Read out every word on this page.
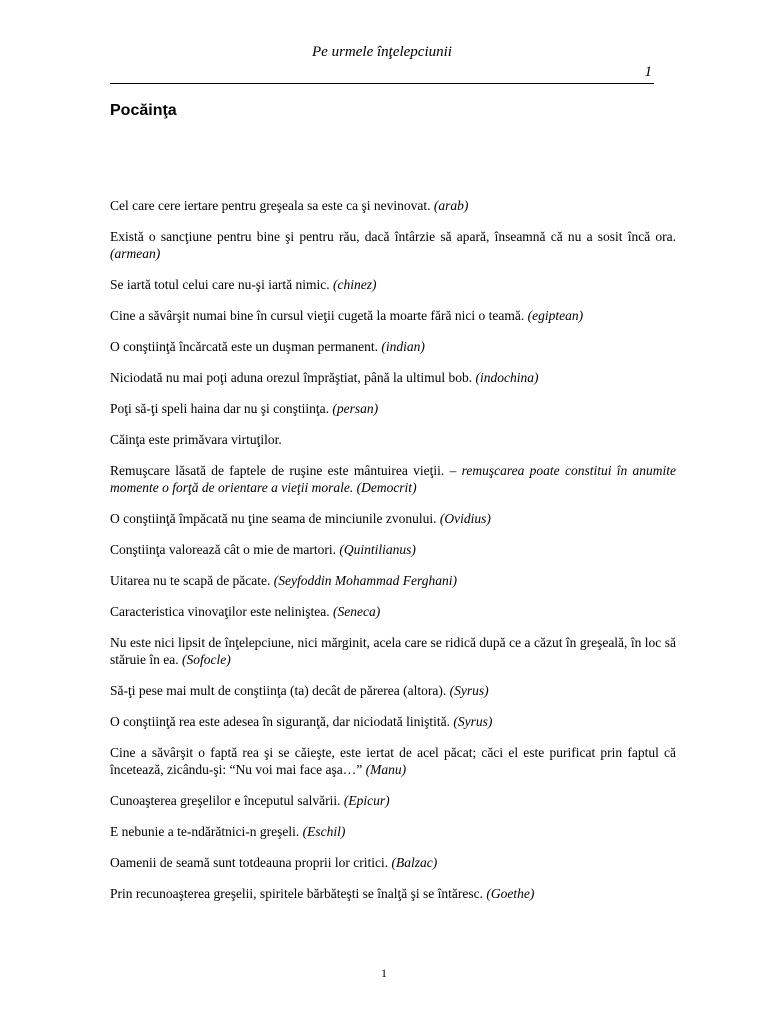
Pe urmele înţelepciunii
1
Pocăinţa
Cel care cere iertare pentru greşeala sa este ca şi nevinovat. (arab)
Există o sancţiune pentru bine şi pentru rău, dacă întârzie să apară, înseamnă că nu a sosit încă ora. (armean)
Se iartă totul celui care nu-şi iartă nimic. (chinez)
Cine a săvârşit numai bine în cursul vieţii cugetă la moarte fără nici o teamă. (egiptean)
O conştiinţă încărcată este un duşman permanent. (indian)
Niciodată nu mai poţi aduna orezul împrăştiat, până la ultimul bob. (indochina)
Poţi să-ţi speli haina dar nu şi conştiinţa. (persan)
Căinţa este primăvara virtuţilor.
Remuşcare lăsată de faptele de ruşine este mântuirea vieţii. – remuşcarea poate constitui în anumite momente o forţă de orientare a vieţii morale. (Democrit)
O conştiinţă împăcată nu ţine seama de minciunile zvonului. (Ovidius)
Conştiinţa valorează cât o mie de martori. (Quintilianus)
Uitarea nu te scapă de păcate. (Seyfoddin Mohammad Ferghani)
Caracteristica vinovaţilor este neliniştea. (Seneca)
Nu este nici lipsit de înţelepciune, nici mărginit, acela care se ridică după ce a căzut în greşeală, în loc să stăruie în ea. (Sofocle)
Să-ţi pese mai mult de conştiinţa (ta) decât de părerea (altora). (Syrus)
O conştiinţă rea este adesea în siguranţă, dar niciodată liniştită. (Syrus)
Cine a săvârşit o faptă rea şi se căieşte, este iertat de acel păcat; căci el este purificat prin faptul că încetează, zicându-şi: “Nu voi mai face aşa…” (Manu)
Cunoaşterea greşelilor e începutul salvării. (Epicur)
E nebunie a te-ndărătnici-n greşeli. (Eschil)
Oamenii de seamă sunt totdeauna proprii lor critici. (Balzac)
Prin recunoaşterea greşelii, spiritele bărbăteşti se înalţă şi se întăresc. (Goethe)
1
